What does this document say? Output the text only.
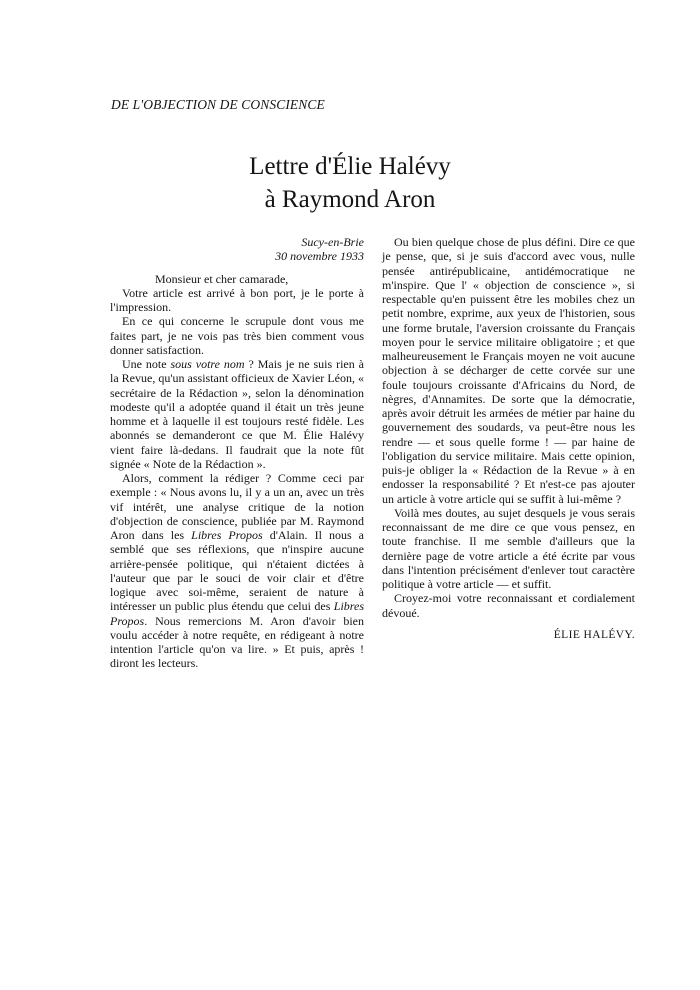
DE L'OBJECTION DE CONSCIENCE
Lettre d'Élie Halévy
à Raymond Aron
Sucy-en-Brie
30 novembre 1933

Monsieur et cher camarade,

Votre article est arrivé à bon port, je le porte à l'impression.

En ce qui concerne le scrupule dont vous me faites part, je ne vois pas très bien comment vous donner satisfaction.

Une note sous votre nom ? Mais je ne suis rien à la Revue, qu'un assistant officieux de Xavier Léon, « secrétaire de la Rédaction », selon la dénomination modeste qu'il a adoptée quand il était un très jeune homme et à laquelle il est toujours resté fidèle. Les abonnés se demanderont ce que M. Élie Halévy vient faire là-dedans. Il faudrait que la note fût signée « Note de la Rédaction ».

Alors, comment la rédiger ? Comme ceci par exemple : « Nous avons lu, il y a un an, avec un très vif intérêt, une analyse critique de la notion d'objection de conscience, publiée par M. Raymond Aron dans les Libres Propos d'Alain. Il nous a semblé que ses réflexions, que n'inspire aucune arrière-pensée politique, qui n'étaient dictées à l'auteur que par le souci de voir clair et d'être logique avec soi-même, seraient de nature à intéresser un public plus étendu que celui des Libres Propos. Nous remercions M. Aron d'avoir bien voulu accéder à notre requête, en rédigeant à notre intention l'article qu'on va lire. » Et puis, après ! diront les lecteurs.

Ou bien quelque chose de plus défini. Dire ce que je pense, que, si je suis d'accord avec vous, nulle pensée antirépublicaine, antidémocratique ne m'inspire. Que l' « objection de conscience », si respectable qu'en puissent être les mobiles chez un petit nombre, exprime, aux yeux de l'historien, sous une forme brutale, l'aversion croissante du Français moyen pour le service militaire obligatoire ; et que malheureusement le Français moyen ne voit aucune objection à se décharger de cette corvée sur une foule toujours croissante d'Africains du Nord, de nègres, d'Annamites. De sorte que la démocratie, après avoir détruit les armées de métier par haine du gouvernement des soudards, va peut-être nous les rendre — et sous quelle forme ! — par haine de l'obligation du service militaire. Mais cette opinion, puis-je obliger la « Rédaction de la Revue » à en endosser la responsabilité ? Et n'est-ce pas ajouter un article à votre article qui se suffit à lui-même ?

Voilà mes doutes, au sujet desquels je vous serais reconnaissant de me dire ce que vous pensez, en toute franchise. Il me semble d'ailleurs que la dernière page de votre article a été écrite par vous dans l'intention précisément d'enlever tout caractère politique à votre article — et suffit.

Croyez-moi votre reconnaissant et cordialement dévoué.

ÉLIE HALÉVY.
